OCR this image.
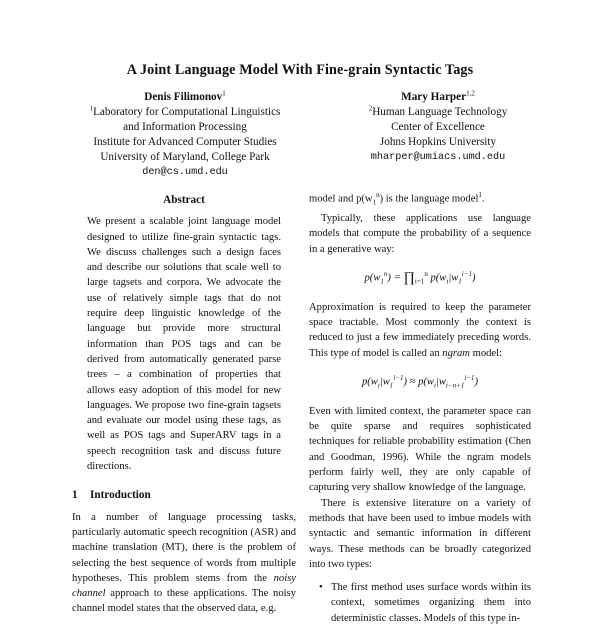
A Joint Language Model With Fine-grain Syntactic Tags
Denis Filimonov$^1$
$^1$Laboratory for Computational Linguistics
and Information Processing
Institute for Advanced Computer Studies
University of Maryland, College Park
den@cs.umd.edu
Mary Harper$^{1,2}$
$^2$Human Language Technology
Center of Excellence
Johns Hopkins University
mharper@umiacs.umd.edu
Abstract

We present a scalable joint language model designed to utilize fine-grain syntactic tags. We discuss challenges such a design faces and describe our solutions that scale well to large tagsets and corpora. We advocate the use of relatively simple tags that do not require deep linguistic knowledge of the language but provide more structural information than POS tags and can be derived from automatically generated parse trees – a combination of properties that allows easy adoption of this model for new languages. We propose two fine-grain tagsets and evaluate our model using these tags, as well as POS tags and SuperARV tags in a speech recognition task and discuss future directions.

1 Introduction

In a number of language processing tasks, particularly automatic speech recognition (ASR) and machine translation (MT), there is the problem of selecting the best sequence of words from multiple hypotheses. This problem stems from the noisy channel approach to these applications. The noisy channel model states that the observed data, e.g.

model and $p(w_1^n)$ is the language model$^1$.

Typically, these applications use language models that compute the probability of a sequence in a generative way:

$p(w_1^n)$ = $\prod_{i=1}^n$ $p(w_i|w_1^{i-1})$

Approximation is required to keep the parameter space tractable. Most commonly the context is reduced to just a few immediately preceding words. This type of model is called an ngram model:

$p(w_i|w_1^{i-1}) \approx p(w_i|w_{i-n+1}^{i-1})$

Even with limited context, the parameter space can be quite sparse and requires sophisticated techniques for reliable probability estimation (Chen and Goodman, 1996). While the ngram models perform fairly well, they are only capable of capturing very shallow knowledge of the language.

There is extensive literature on a variety of methods that have been used to imbue models with syntactic and semantic information in different ways. These methods can be broadly categorized into two types:

• The first method uses surface words within its context, sometimes organizing them into deterministic classes. Models of this type in-
